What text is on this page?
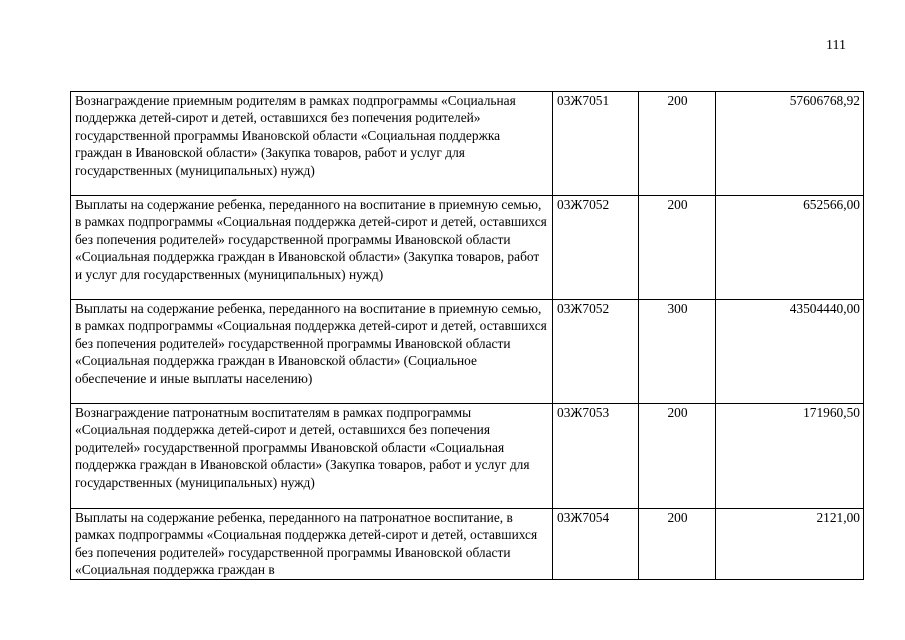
111
Вознаграждение приемным родителям в рамках подпрограммы «Социальная поддержка детей-сирот и детей, оставшихся без попечения родителей» государственной программы Ивановской области «Социальная поддержка граждан в Ивановской области» (Закупка товаров, работ и услуг для государственных (муниципальных) нужд)	03Ж7051	200	57606768,92
Выплаты на содержание ребенка, переданного на воспитание в приемную семью, в рамках подпрограммы «Социальная поддержка детей-сирот и детей, оставшихся без попечения родителей» государственной программы Ивановской области «Социальная поддержка граждан в Ивановской области» (Закупка товаров, работ и услуг для государственных (муниципальных) нужд)	03Ж7052	200	652566,00
Выплаты на содержание ребенка, переданного на воспитание в приемную семью, в рамках подпрограммы «Социальная поддержка детей-сирот и детей, оставшихся без попечения родителей» государственной программы Ивановской области «Социальная поддержка граждан в Ивановской области» (Социальное обеспечение и иные выплаты населению)	03Ж7052	300	43504440,00
Вознаграждение патронатным воспитателям в рамках подпрограммы «Социальная поддержка детей-сирот и детей, оставшихся без попечения родителей» государственной программы Ивановской области «Социальная поддержка граждан в Ивановской области» (Закупка товаров, работ и услуг для государственных (муниципальных) нужд)	03Ж7053	200	171960,50
Выплаты на содержание ребенка, переданного на патронатное воспитание, в рамках подпрограммы «Социальная поддержка детей-сирот и детей, оставшихся без попечения родителей» государственной программы Ивановской области «Социальная поддержка граждан в	03Ж7054	200	2121,00
